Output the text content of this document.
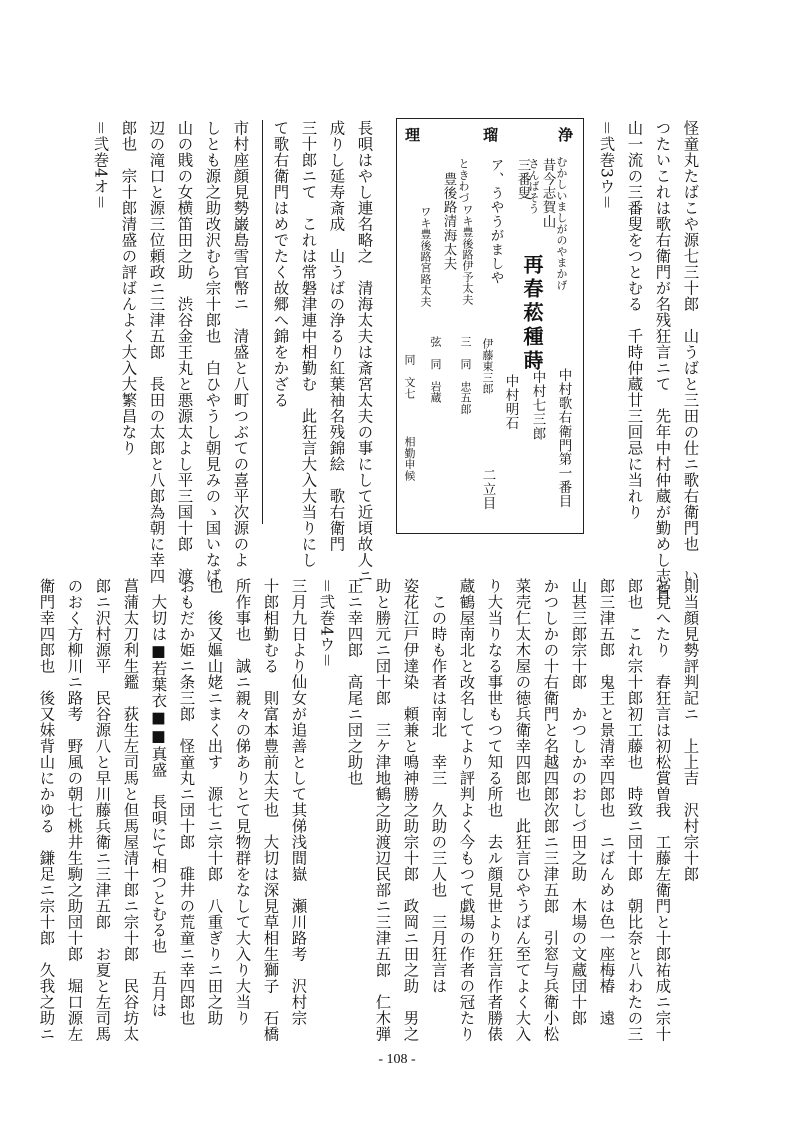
怪童丸たばこや源七三十郎　山うばと三田の仕ニ歌右衛門也　い
つたいこれは歌右衛門が名残狂言ニて　先年中村仲蔵が勤めし志賀
山一流の三番叟をつとむる　千時仲蔵廿三回忌に当れり
＝弐巻3ウ＝
浄
瑠
理
むかしいましがのやまかげ
昔今志賀山
さんばそう
三番叟
ア、うやうがましや
ワキ豊後路伊予太夫
ときわづ
豊後路清海太夫
ワキ豊後路宮路太夫	再春菘種蒔
中村歌右衛門
第一番目
中村七三郎
中村明石
伊藤東三郎
二立目
三　同　忠五郎
弦　同　岩蔵
同　文七
相勤申候
長唄はやし連名略之　清海太夫は斎宮太夫の事にして近頃故人ニ
成りし延寿斎成　山うばの浄るり紅葉袖名残錦絵　歌右衛門
三十郎ニて　これは常磐津連中相勤む　此狂言大入大当りにし
て歌右衛門はめでたく故郷へ錦をかざる
市村座顔見勢巌島雪官幣ニ　清盛と八町つぶての喜平次源のよ
しとも源之助改沢むら宗十郎也　白ひやうし朝見みのゝ国いなば
山の賎の女横笛田之助　渋谷金王丸と悪源太よし平三国十郎　渡
辺の滝口と源三位頼政ニ三津五郎　長田の太郎と八郎為朝に幸四
郎也　宗十郎清盛の評ばんよく大入大繁昌なり
＝弐巻4オ＝
則当顔見勢評判記ニ　上上吉　沢村宗十郎
と見へたり　春狂言は初松賞曽我　工藤左衛門と十郎祐成ニ宗十
郎也　これ宗十郎初工藤也　時致ニ団十郎　朝比奈と八わたの三
郎三津五郎　鬼王と景清幸四郎也　ニばんめは色一座梅椿　遠
山甚三郎宗十郎　かつしかのおしづ田之助　木場の文蔵団十郎
かつしかの十右衛門と名越四郎次郎ニ三津五郎　引窓与兵衛小松
菜売仁太木屋の徳兵衛幸四郎也　此狂言ひやうばん至てよく大入
り大当りなる事世もつて知る所也　去ル顔見世より狂言作者勝俵
蔵鶴屋南北と改名してより評判よく今もつて戯場の作者の冠たり
　この時も作者は南北　幸三　久助の三人也　三月狂言は
姿花江戸伊達染　頼兼と鳴神勝之助宗十郎　政岡ニ田之助　男之
助と勝元ニ団十郎　三ケ津地鶴之助渡辺民部ニ三津五郎　仁木弾
正ニ幸四郎　高尾ニ団之助也
＝弐巻4ウ＝
三月九日より仙女が追善として其俤浅間嶽　瀬川路考　沢村宗
十郎相勤むる　則富本豊前太夫也　大切は深見草相生獅子　石橋
所作事也　誠ニ親々の俤ありとて見物群をなして大入り大当り
也　後又嫗山姥ニまく出す　源七ニ宗十郎　八重ぎりニ田之助
おもだか姫ニ条三郎　怪童丸ニ団十郎　碓井の荒童ニ幸四郎也
　大切は■若葉衣■■真盛　長唄にて相つとむる也　五月は
菖蒲太刀利生鑑　荻生左司馬と但馬屋清十郎ニ宗十郎　民谷坊太
郎ニ沢村源平　民谷源八と早川藤兵衛ニ三津五郎　お夏と左司馬
のおく方柳川ニ路考　野風の朝七桃井生駒之助団十郎　堀口源左
衛門幸四郎也　後又妹背山にかゆる　鎌足ニ宗十郎　久我之助ニ
- 108 -
